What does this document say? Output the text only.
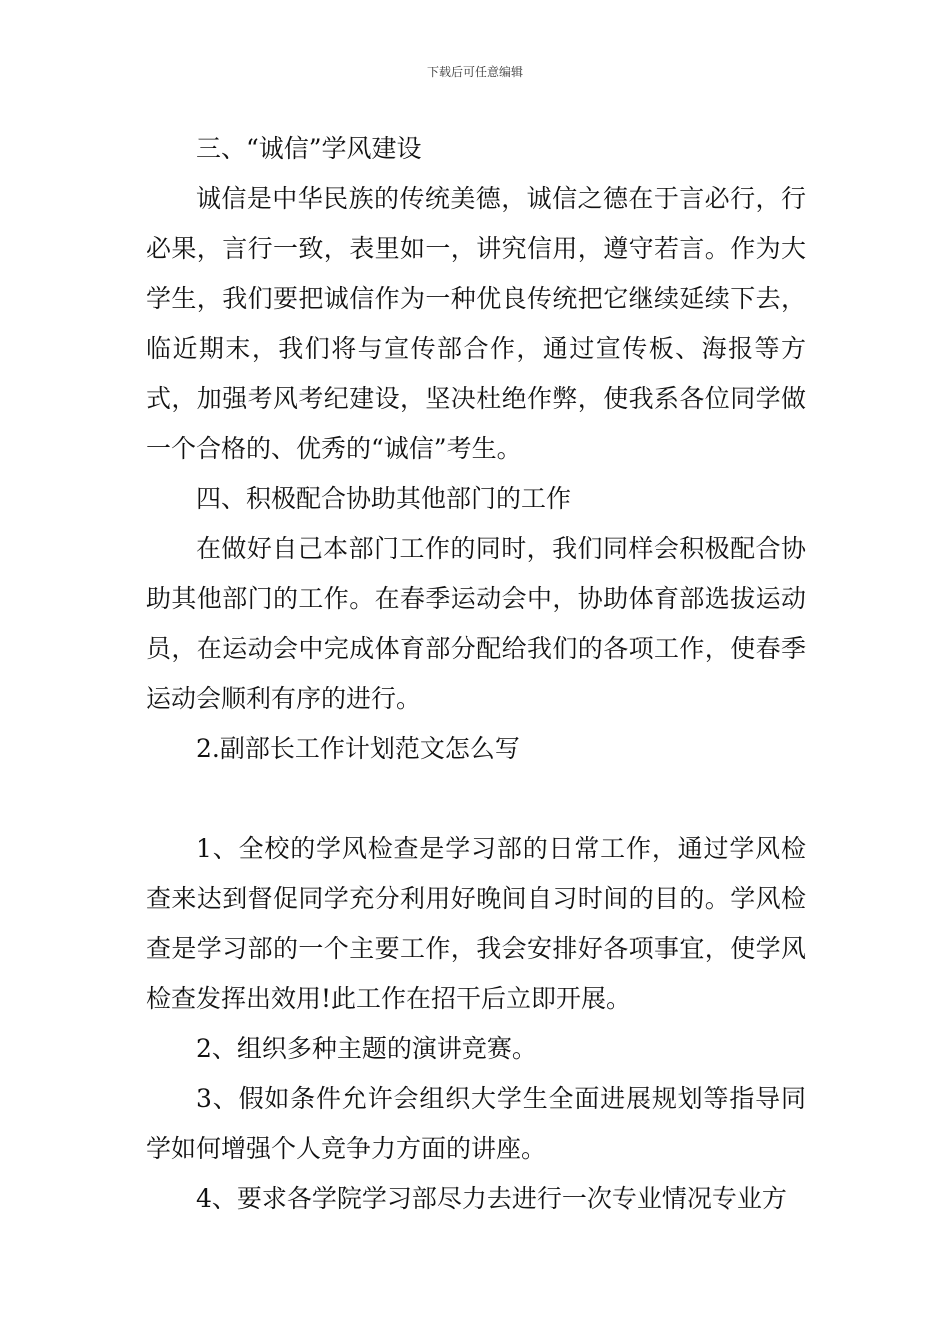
下载后可任意编辑

三、“诚信”学风建设

诚信是中华民族的传统美德，诚信之德在于言必行，行必果，言行一致，表里如一，讲究信用，遵守若言。作为大学生，我们要把诚信作为一种优良传统把它继续延续下去，临近期末，我们将与宣传部合作，通过宣传板、海报等方式，加强考风考纪建设，坚决杜绝作弊，使我系各位同学做一个合格的、优秀的“诚信”考生。

四、积极配合协助其他部门的工作

在做好自己本部门工作的同时，我们同样会积极配合协助其他部门的工作。在春季运动会中，协助体育部选拔运动员，在运动会中完成体育部分配给我们的各项工作，使春季运动会顺利有序的进行。

2.副部长工作计划范文怎么写

1、全校的学风检查是学习部的日常工作，通过学风检查来达到督促同学充分利用好晚间自习时间的目的。学风检查是学习部的一个主要工作，我会安排好各项事宜，使学风检查发挥出效用!此工作在招干后立即开展。

2、组织多种主题的演讲竞赛。

3、假如条件允许会组织大学生全面进展规划等指导同学如何增强个人竞争力方面的讲座。

4、要求各学院学习部尽力去进行一次专业情况专业方
